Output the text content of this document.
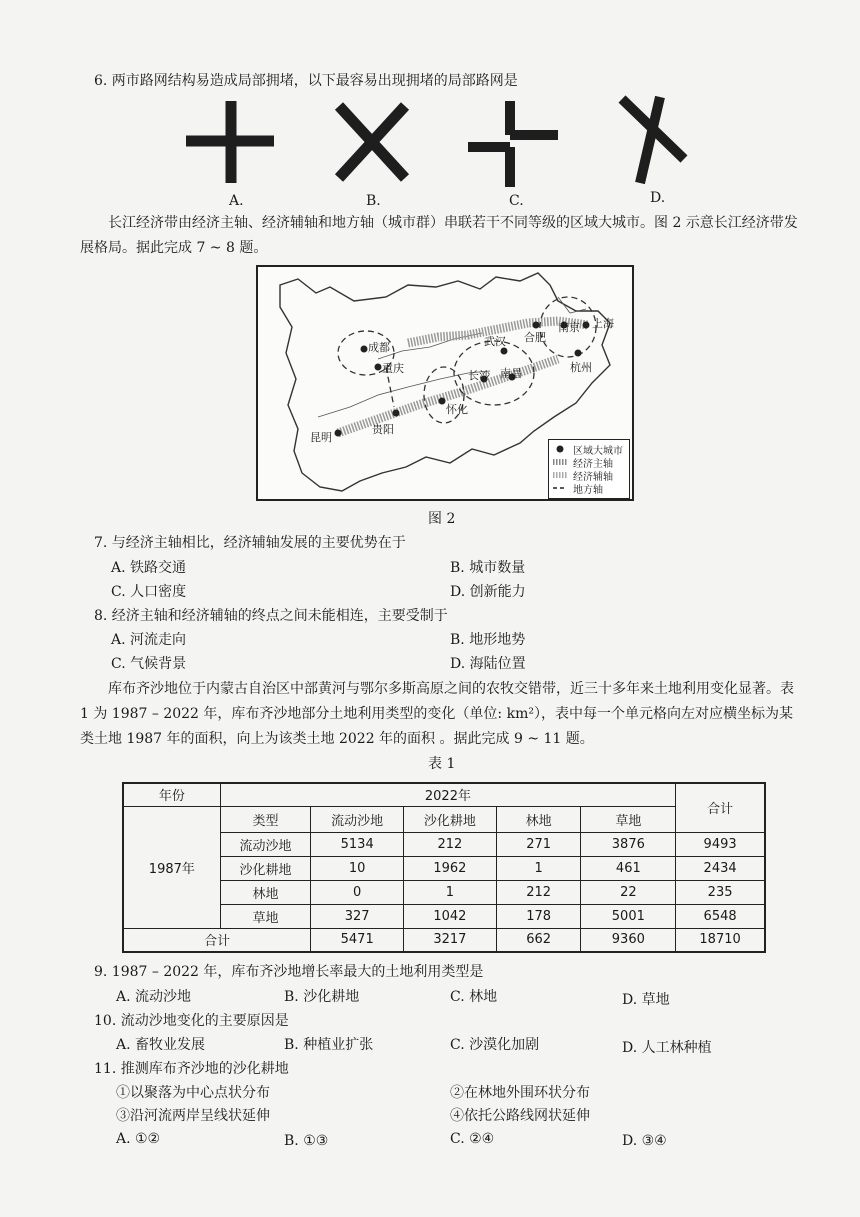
6. 两市路网结构易造成局部拥堵，以下最容易出现拥堵的局部路网是
A.	B.	C.	D.
长江经济带由经济主轴、经济辅轴和地方轴（城市群）串联若干不同等级的区域大城市。图 2 示意长江经济带发展格局。据此完成 7 ~ 8 题。
成都
重庆
武汉 合肥
南京 上海
杭州
长沙 南昌
怀化
贵阳
昆明
区域大城市
经济主轴
经济辅轴
地方轴
图 2
7. 与经济主轴相比，经济辅轴发展的主要优势在于
A. 铁路交通	B. 城市数量
C. 人口密度	D. 创新能力
8. 经济主轴和经济辅轴的终点之间未能相连，主要受制于
A. 河流走向	B. 地形地势
C. 气候背景	D. 海陆位置
库布齐沙地位于内蒙古自治区中部黄河与鄂尔多斯高原之间的农牧交错带，近三十多年来土地利用变化显著。表 1 为 1987 – 2022 年，库布齐沙地部分土地利用类型的变化（单位: km²），表中每一个单元格向左对应横坐标为某类土地 1987 年的面积，向上为该类土地 2022 年的面积 。据此完成 9 ~ 11 题。
表 1
年份	2022年					合计
1987年	类型	流动沙地	沙化耕地	林地	草地	
	流动沙地	5134	212	271	3876	9493
	沙化耕地	10	1962	1	461	2434
	林地	0	1	212	22	235
	草地	327	1042	178	5001	6548
合计		5471	3217	662	9360	18710
9. 1987 – 2022 年，库布齐沙地增长率最大的土地利用类型是
A. 流动沙地	B. 沙化耕地	C. 林地	D. 草地
10. 流动沙地变化的主要原因是
A. 畜牧业发展	B. 种植业扩张	C. 沙漠化加剧	D. 人工林种植
11. 推测库布齐沙地的沙化耕地
①以聚落为中心点状分布	②在林地外围环状分布
③沿河流两岸呈线状延伸	④依托公路线网状延伸
A. ①②	B. ①③	C. ②④	D. ③④
